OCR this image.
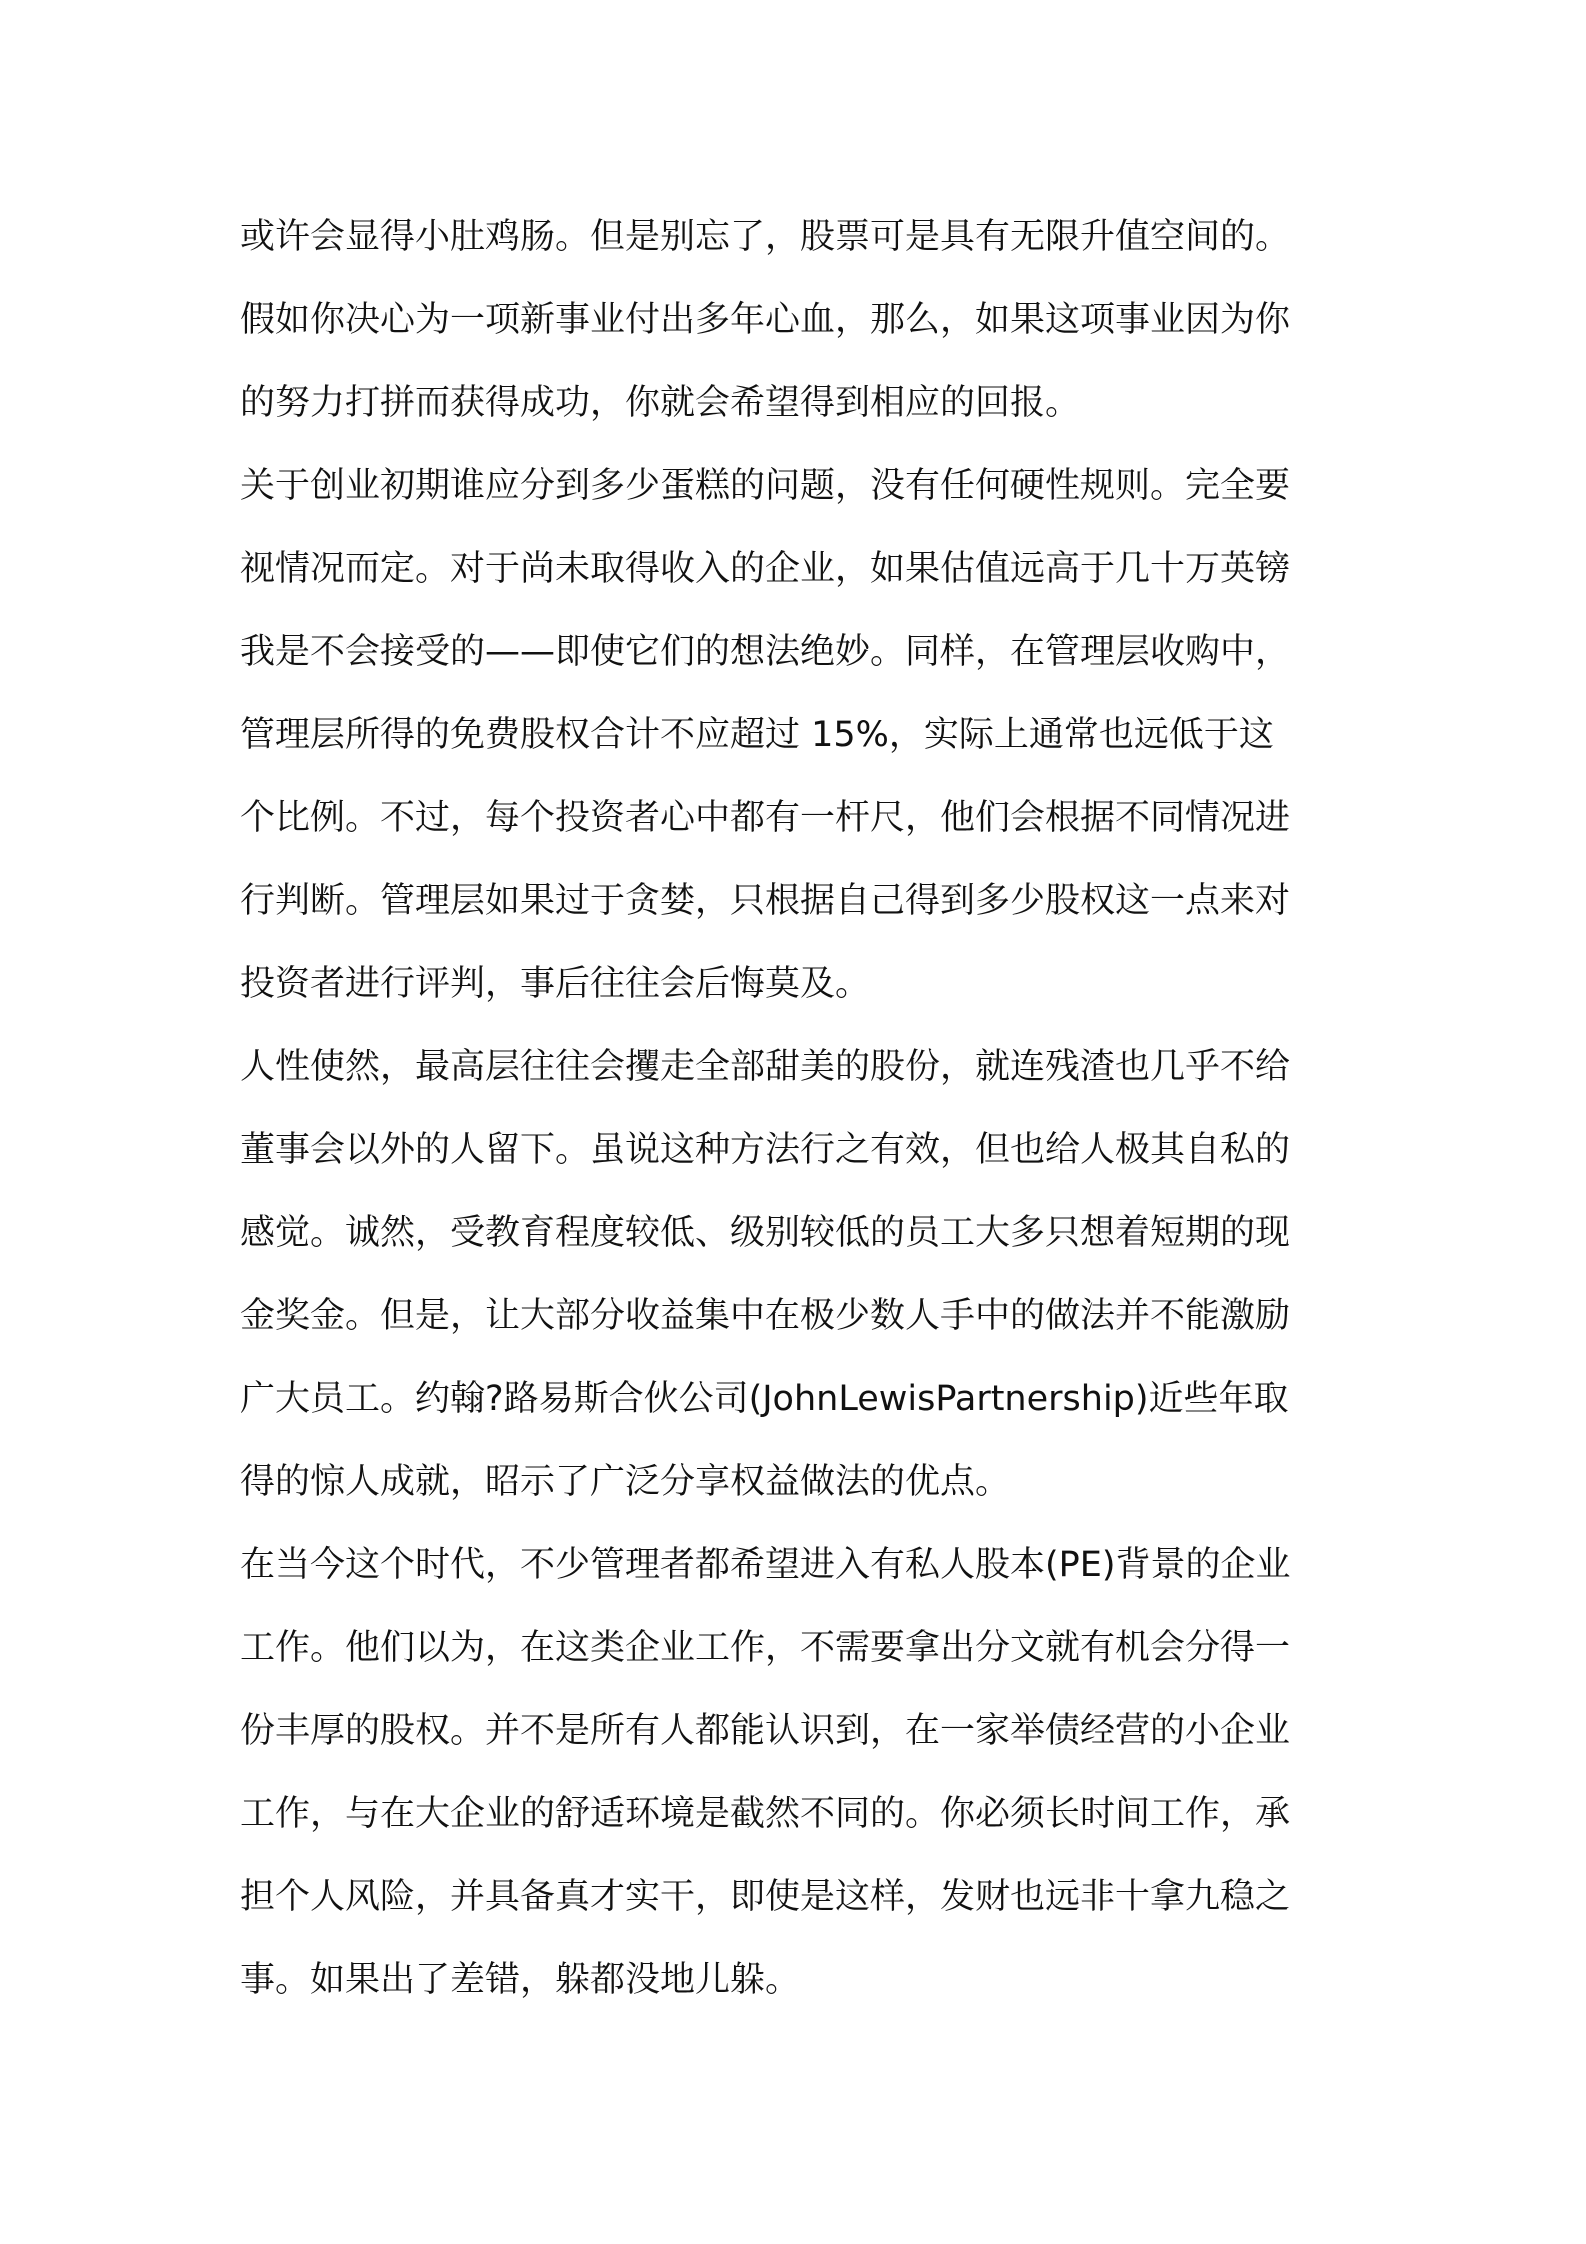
或许会显得小肚鸡肠。但是别忘了，股票可是具有无限升值空间的。
假如你决心为一项新事业付出多年心血，那么，如果这项事业因为你
的努力打拼而获得成功，你就会希望得到相应的回报。
关于创业初期谁应分到多少蛋糕的问题，没有任何硬性规则。完全要
视情况而定。对于尚未取得收入的企业，如果估值远高于几十万英镑
我是不会接受的——即使它们的想法绝妙。同样，在管理层收购中，
管理层所得的免费股权合计不应超过 15%，实际上通常也远低于这
个比例。不过，每个投资者心中都有一杆尺，他们会根据不同情况进
行判断。管理层如果过于贪婪，只根据自己得到多少股权这一点来对
投资者进行评判，事后往往会后悔莫及。
人性使然，最高层往往会攫走全部甜美的股份，就连残渣也几乎不给
董事会以外的人留下。虽说这种方法行之有效，但也给人极其自私的
感觉。诚然，受教育程度较低、级别较低的员工大多只想着短期的现
金奖金。但是，让大部分收益集中在极少数人手中的做法并不能激励
广大员工。约翰?路易斯合伙公司(JohnLewisPartnership)近些年取
得的惊人成就，昭示了广泛分享权益做法的优点。
在当今这个时代，不少管理者都希望进入有私人股本(PE)背景的企业
工作。他们以为，在这类企业工作，不需要拿出分文就有机会分得一
份丰厚的股权。并不是所有人都能认识到，在一家举债经营的小企业
工作，与在大企业的舒适环境是截然不同的。你必须长时间工作，承
担个人风险，并具备真才实干，即使是这样，发财也远非十拿九稳之
事。如果出了差错，躲都没地儿躲。
